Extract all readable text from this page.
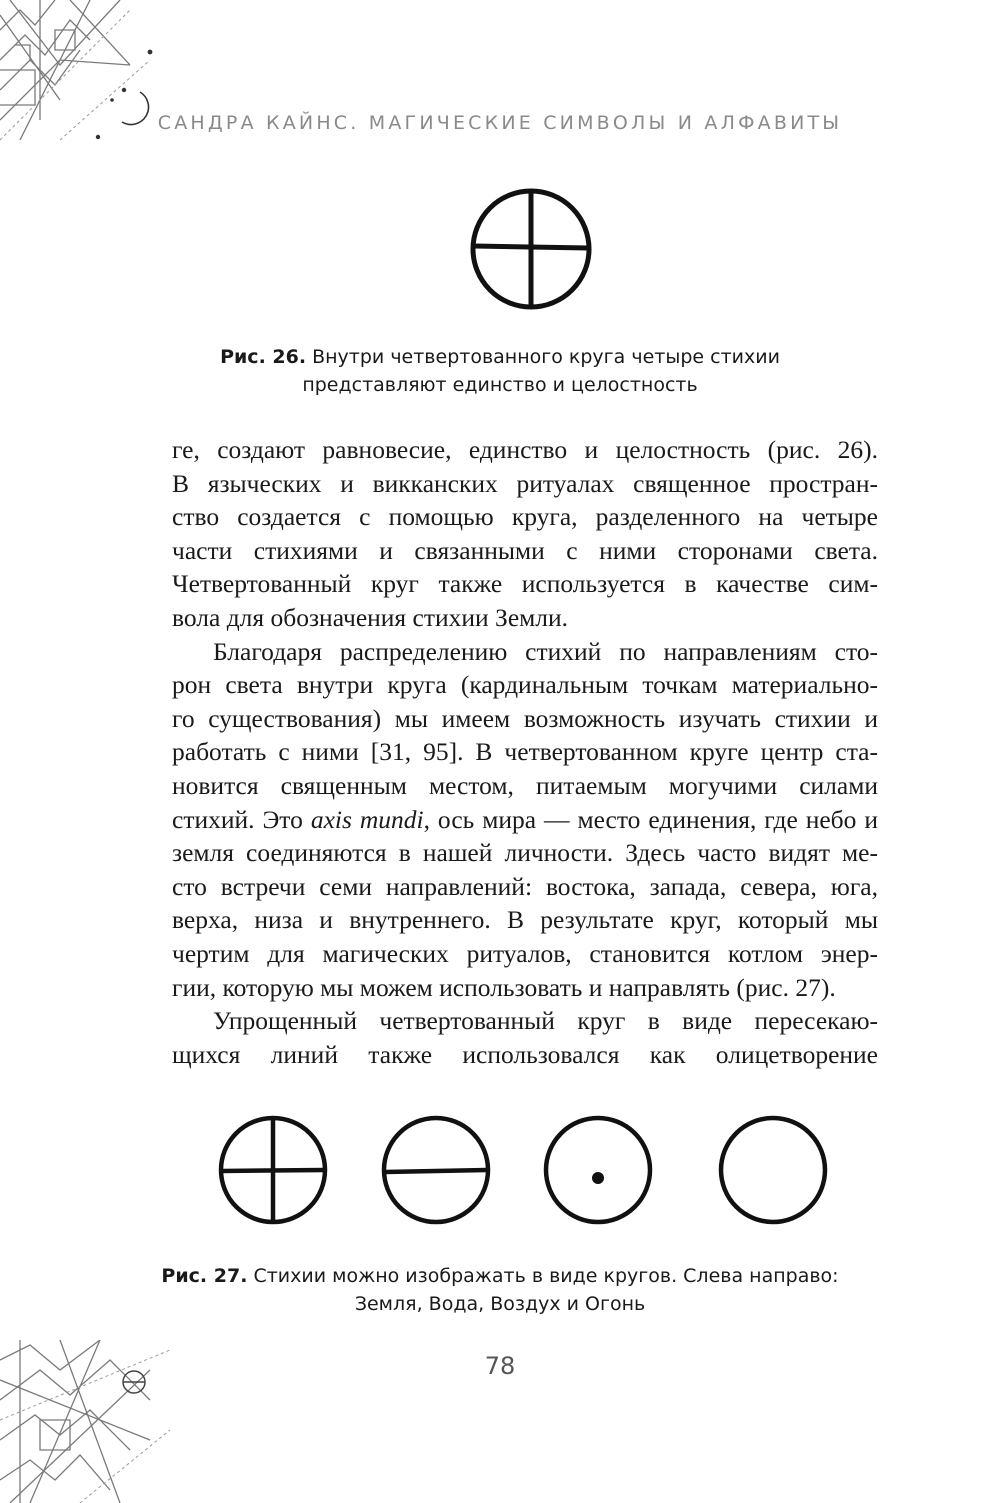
САНДРА КАЙНС. МАГИЧЕСКИЕ СИМВОЛЫ И АЛФАВИТЫ
Рис. 26. Внутри четвертованного круга четыре стихии
представляют единство и целостность

ге, создают равновесие, единство и целостность (рис. 26).
В языческих и викканских ритуалах священное простран-
ство создается с помощью круга, разделенного на четыре
части стихиями и связанными с ними сторонами света.
Четвертованный круг также используется в качестве сим-
вола для обозначения стихии Земли.

Благодаря распределению стихий по направлениям сто-
рон света внутри круга (кардинальным точкам материально-
го существования) мы имеем возможность изучать стихии и
работать с ними [31, 95]. В четвертованном круге центр ста-
новится священным местом, питаемым могучими силами
стихий. Это axis mundi, ось мира — место единения, где небо и
земля соединяются в нашей личности. Здесь часто видят ме-
сто встречи семи направлений: востока, запада, севера, юга,
верха, низа и внутреннего. В результате круг, который мы
чертим для магических ритуалов, становится котлом энер-
гии, которую мы можем использовать и направлять (рис. 27).

Упрощенный четвертованный круг в виде пересекаю-
щихся линий также использовался как олицетворение

Рис. 27. Стихии можно изображать в виде кругов. Слева направо:
Земля, Вода, Воздух и Огонь
78
